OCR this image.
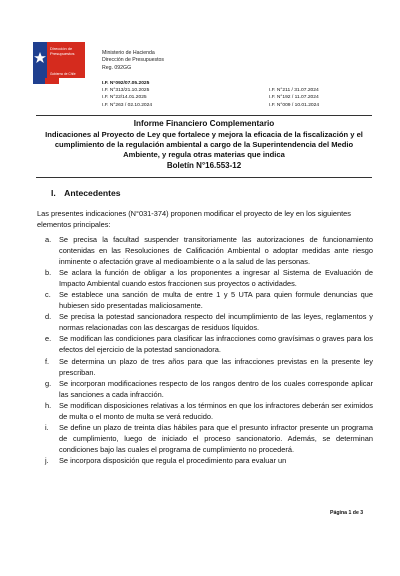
Dirección de
Presupuestos
Gobierno de Chile
Ministerio de Hacienda
Dirección de Presupuestos
Reg. 092GG
I.F. N°092/07.05.2025
I.F. N°313/21.10.2025
I.F. N°22/14.01.2025
I.F. N°263 / 02.10.2024
I.F. N°211 / 31.07.2024
I.F. N°192 / 11.07.2024
I.F. N°009 / 10.01.2024
Informe Financiero Complementario
Indicaciones al Proyecto de Ley que fortalece y mejora la eficacia de la fiscalización y el cumplimiento de la regulación ambiental a cargo de la Superintendencia del Medio Ambiente, y regula otras materias que indica
Boletín N°16.553-12
I. Antecedentes
Las presentes indicaciones (N°031-374) proponen modificar el proyecto de ley en los siguientes elementos principales:
a. Se precisa la facultad suspender transitoriamente las autorizaciones de funcionamiento contenidas en las Resoluciones de Calificación Ambiental o adoptar medidas ante riesgo inminente o afectación grave al medioambiente o a la salud de las personas.
b. Se aclara la función de obligar a los proponentes a ingresar al Sistema de Evaluación de Impacto Ambiental cuando estos fraccionen sus proyectos o actividades.
c. Se establece una sanción de multa de entre 1 y 5 UTA para quien formule denuncias que hubiesen sido presentadas maliciosamente.
d. Se precisa la potestad sancionadora respecto del incumplimiento de las leyes, reglamentos y normas relacionadas con las descargas de residuos líquidos.
e. Se modifican las condiciones para clasificar las infracciones como gravísimas o graves para los efectos del ejercicio de la potestad sancionadora.
f. Se determina un plazo de tres años para que las infracciones previstas en la presente ley prescriban.
g. Se incorporan modificaciones respecto de los rangos dentro de los cuales corresponde aplicar las sanciones a cada infracción.
h. Se modifican disposiciones relativas a los términos en que los infractores deberán ser eximidos de multa o el monto de multa se verá reducido.
i. Se define un plazo de treinta días hábiles para que el presunto infractor presente un programa de cumplimiento, luego de iniciado el proceso sancionatorio. Además, se determinan condiciones bajo las cuales el programa de cumplimiento no procederá.
j. Se incorpora disposición que regula el procedimiento para evaluar un
Página 1 de 3
